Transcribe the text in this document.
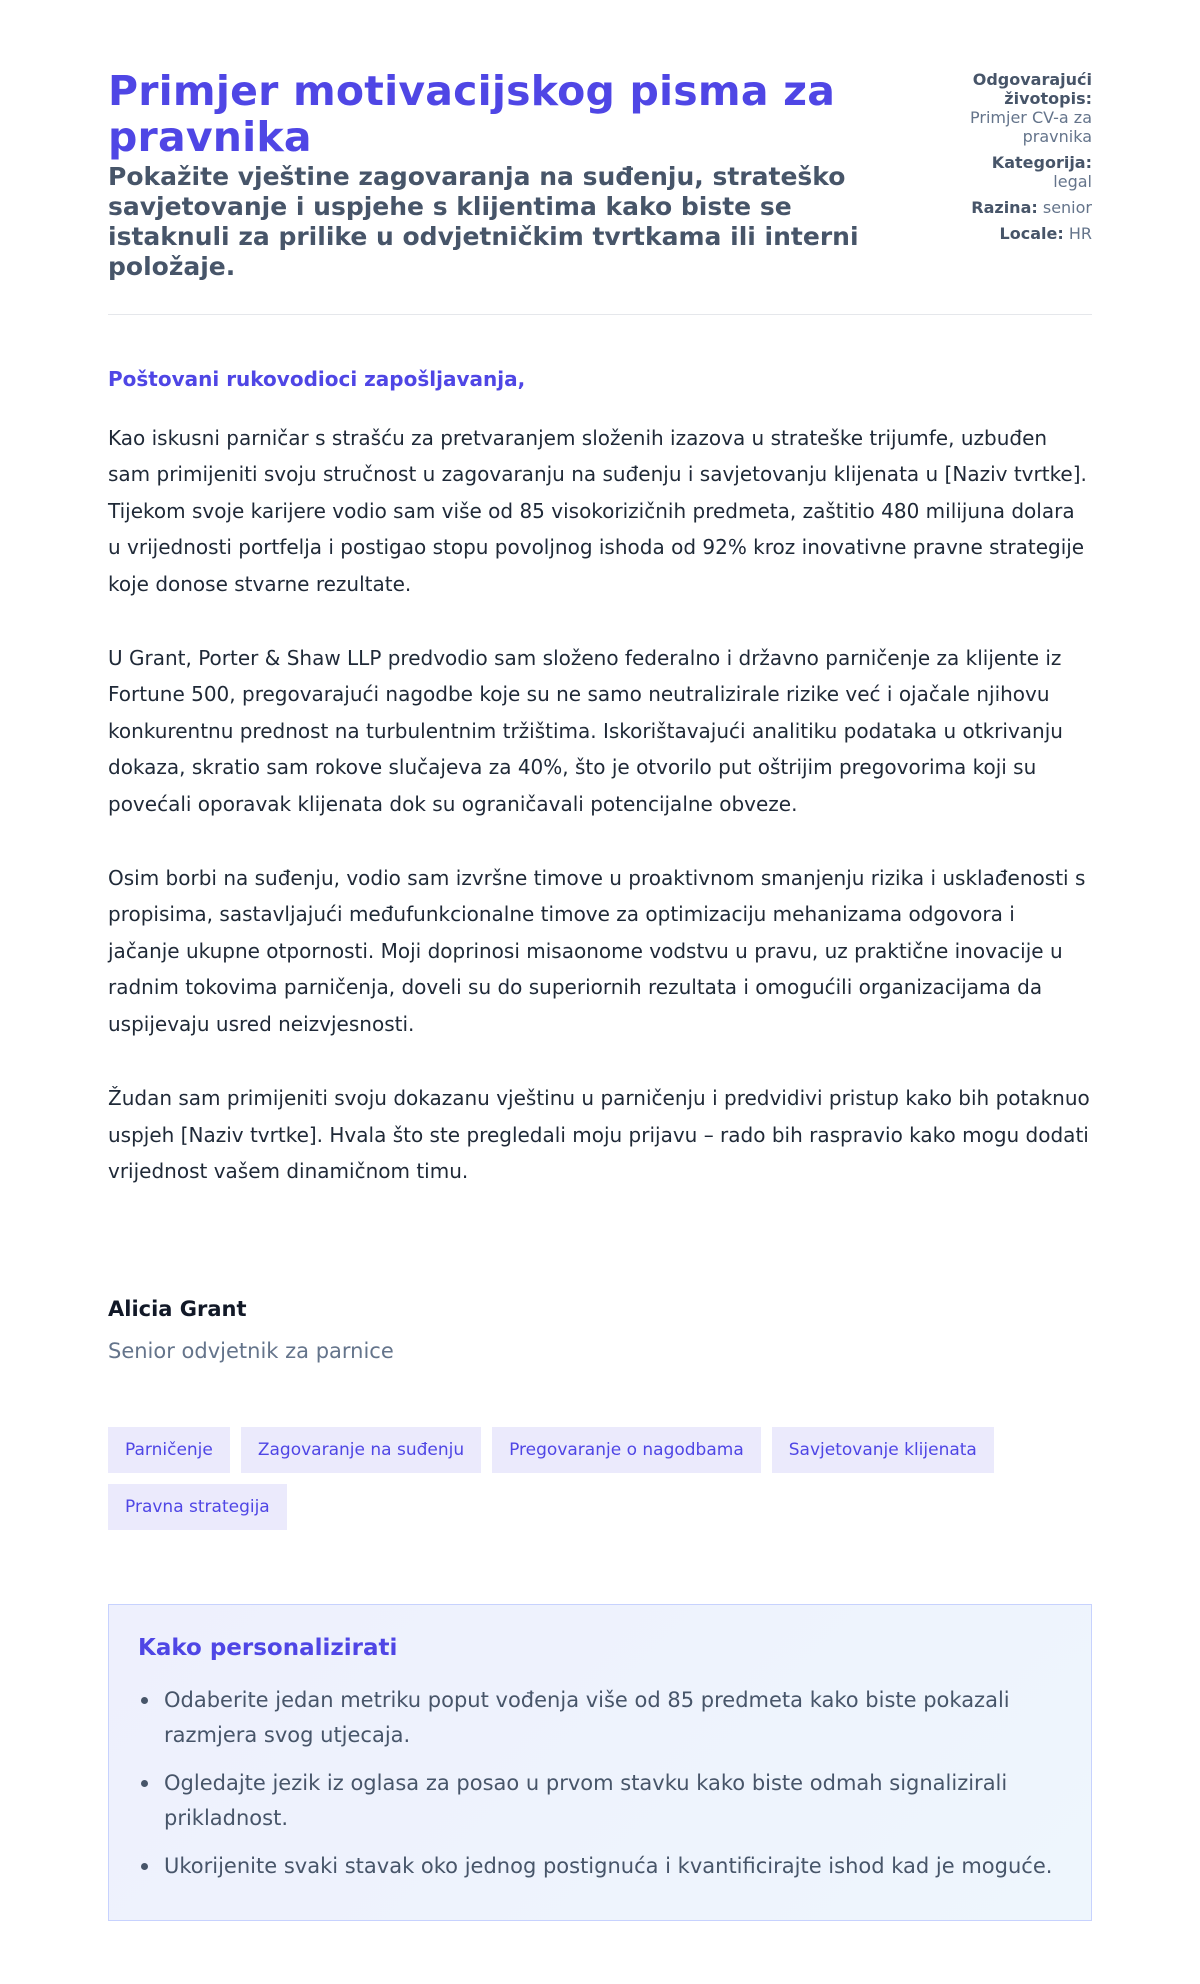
Primjer motivacijskog pisma za pravnika
Pokažite vještine zagovaranja na suđenju, strateško savjetovanje i uspjehe s klijentima kako biste se istaknuli za prilike u odvjetničkim tvrtkama ili interni položaje.
Odgovarajući životopis:
Primjer CV-a za pravnika
Kategorija:
legal
Razina: senior
Locale: HR
Poštovani rukovodioci zapošljavanja,

Kao iskusni parničar s strašću za pretvaranjem složenih izazova u strateške trijumfe, uzbuđen sam primijeniti svoju stručnost u zagovaranju na suđenju i savjetovanju klijenata u [Naziv tvrtke]. Tijekom svoje karijere vodio sam više od 85 visokorizičnih predmeta, zaštitio 480 milijuna dolara u vrijednosti portfelja i postigao stopu povoljnog ishoda od 92% kroz inovativne pravne strategije koje donose stvarne rezultate.

U Grant, Porter & Shaw LLP predvodio sam složeno federalno i državno parničenje za klijente iz Fortune 500, pregovarajući nagodbe koje su ne samo neutralizirale rizike već i ojačale njihovu konkurentnu prednost na turbulentnim tržištima. Iskorištavajući analitiku podataka u otkrivanju dokaza, skratio sam rokove slučajeva za 40%, što je otvorilo put oštrijim pregovorima koji su povećali oporavak klijenata dok su ograničavali potencijalne obveze.

Osim borbi na suđenju, vodio sam izvršne timove u proaktivnom smanjenju rizika i usklađenosti s propisima, sastavljajući međufunkcionalne timove za optimizaciju mehanizama odgovora i jačanje ukupne otpornosti. Moji doprinosi misaonome vodstvu u pravu, uz praktične inovacije u radnim tokovima parničenja, doveli su do superiornih rezultata i omogućili organizacijama da uspijevaju usred neizvjesnosti.

Žudan sam primijeniti svoju dokazanu vještinu u parničenju i predvidivi pristup kako bih potaknuo uspjeh [Naziv tvrtke]. Hvala što ste pregledali moju prijavu – rado bih raspravio kako mogu dodati vrijednost vašem dinamičnom timu.

Alicia Grant
Senior odvjetnik za parnice
Parničenje	Zagovaranje na suđenju	Pregovaranje o nagodbama	Savjetovanje klijenata
Pravna strategija
Kako personalizirati
Odaberite jedan metriku poput vođenja više od 85 predmeta kako biste pokazali razmjera svog utjecaja.
Oglеdajte jezik iz oglasa za posao u prvom stavku kako biste odmah signalizirali prikladnost.
Ukorijenite svaki stavak oko jednog postignuća i kvantificirajte ishod kad je moguće.
